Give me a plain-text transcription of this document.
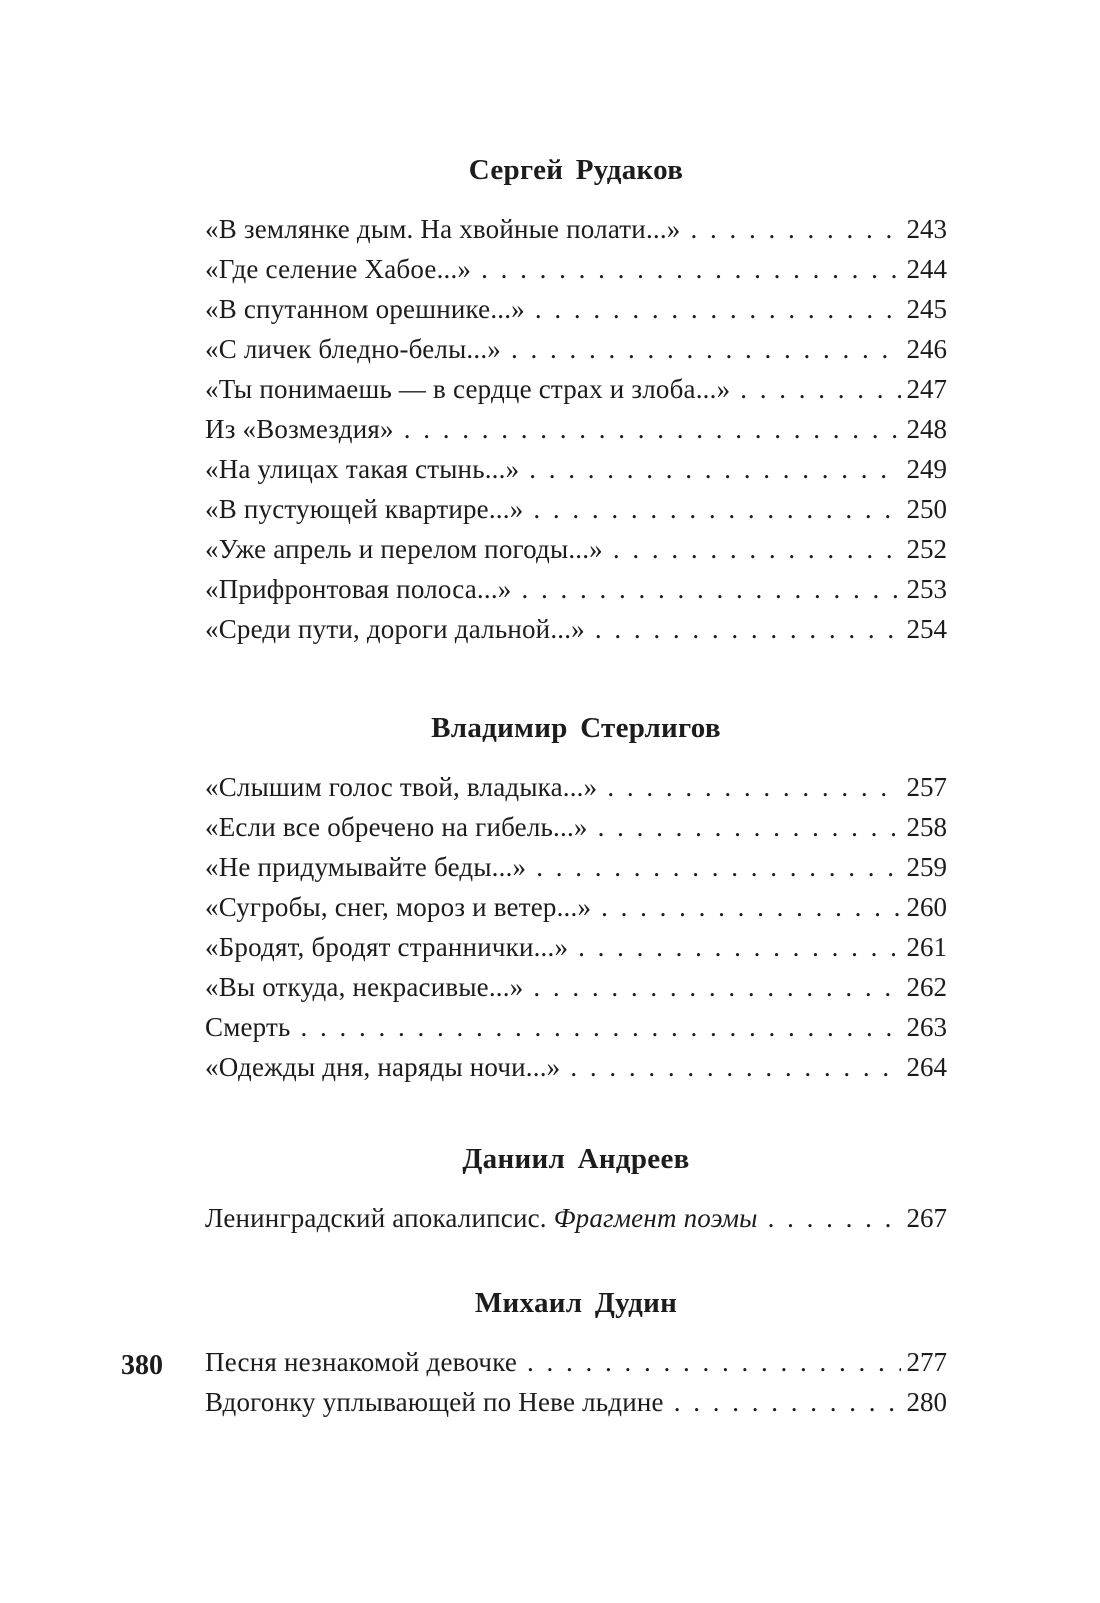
Сергей Рудаков
«В землянке дым. На хвойные полати...» . . .	243
«Где селение Хабое...» . . .	244
«В спутанном орешнике...» . . .	245
«С личек бледно-белы...» . . .	246
«Ты понимаешь — в сердце страх и злоба...» . . .	247
Из «Возмездия» . . .	248
«На улицах такая стынь...» . . .	249
«В пустующей квартире...» . . .	250
«Уже апрель и перелом погоды...» . . .	252
«Прифронтовая полоса...» . . .	253
«Среди пути, дороги дальной...» . . .	254
Владимир Стерлигов
«Слышим голос твой, владыка...» . . .	257
«Если все обречено на гибель...» . . .	258
«Не придумывайте беды...» . . .	259
«Сугробы, снег, мороз и ветер...» . . .	260
«Бродят, бродят страннички...» . . .	261
«Вы откуда, некрасивые...» . . .	262
Смерть . . .	263
«Одежды дня, наряды ночи...» . . .	264
Даниил Андреев
Ленинградский апокалипсис. Фрагмент поэмы . . .	267
Михаил Дудин
Песня незнакомой девочке . . .	277
Вдогонку уплывающей по Неве льдине . . .	280
380
